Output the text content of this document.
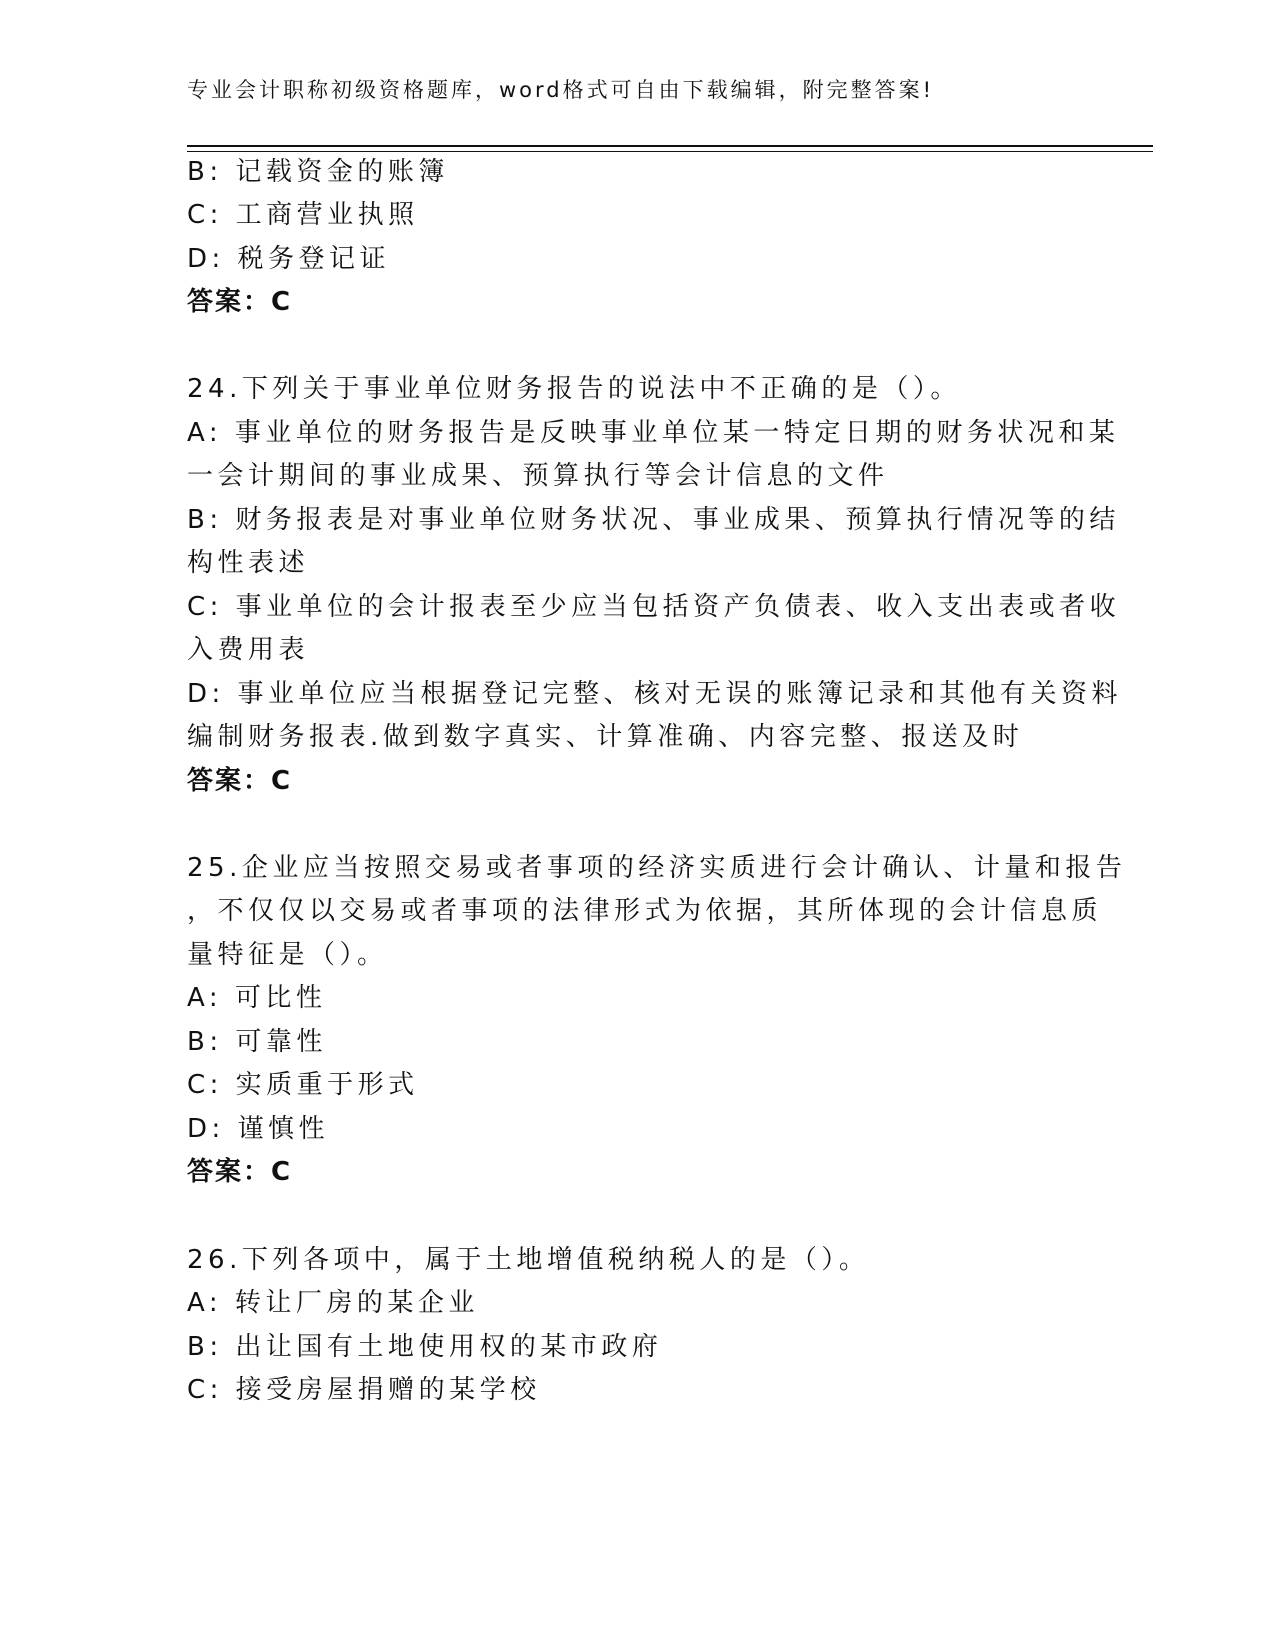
专业会计职称初级资格题库，word格式可自由下载编辑，附完整答案!
B: 记载资金的账簿
C: 工商营业执照
D: 税务登记证
答案：C
24.下列关于事业单位财务报告的说法中不正确的是（）。
A: 事业单位的财务报告是反映事业单位某一特定日期的财务状况和某
一会计期间的事业成果、预算执行等会计信息的文件
B: 财务报表是对事业单位财务状况、事业成果、预算执行情况等的结
构性表述
C: 事业单位的会计报表至少应当包括资产负债表、收入支出表或者收
入费用表
D: 事业单位应当根据登记完整、核对无误的账簿记录和其他有关资料
编制财务报表.做到数字真实、计算准确、内容完整、报送及时
答案：C
25.企业应当按照交易或者事项的经济实质进行会计确认、计量和报告
，不仅仅以交易或者事项的法律形式为依据，其所体现的会计信息质
量特征是（）。
A: 可比性
B: 可靠性
C: 实质重于形式
D: 谨慎性
答案：C
26.下列各项中，属于土地增值税纳税人的是（）。
A: 转让厂房的某企业
B: 出让国有土地使用权的某市政府
C: 接受房屋捐赠的某学校
